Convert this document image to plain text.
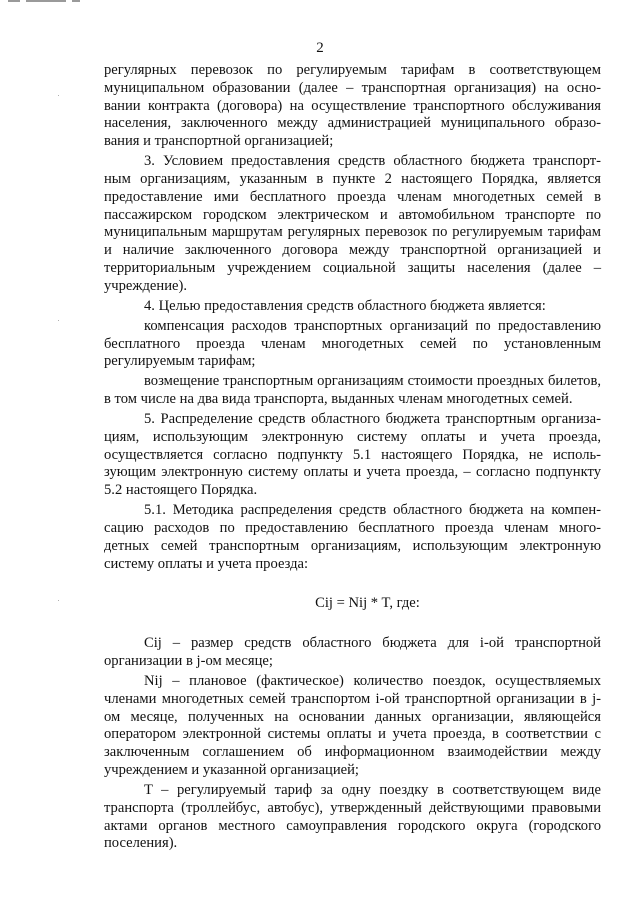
2

регулярных перевозок по регулируемым тарифам в соответствующем муниципальном образовании (далее – транспортная организация) на осно- вании контракта (договора) на осуществление транспортного обслуживания населения, заключенного между администрацией муниципального образо- вания и транспортной организацией;

3. Условием предоставления средств областного бюджета транспорт- ным организациям, указанным в пункте 2 настоящего Порядка, является предоставление ими бесплатного проезда членам многодетных семей в пассажирском городском электрическом и автомобильном транспорте по муниципальным маршрутам регулярных перевозок по регулируемым тарифам и наличие заключенного договора между транспортной организацией и территориальным учреждением социальной защиты населения (далее – учреждение).

4. Целью предоставления средств областного бюджета является:

компенсация расходов транспортных организаций по предоставлению бесплатного проезда членам многодетных семей по установленным регулируемым тарифам;

возмещение транспортным организациям стоимости проездных билетов, в том числе на два вида транспорта, выданных членам многодетных семей.

5. Распределение средств областного бюджета транспортным организа- циям, использующим электронную систему оплаты и учета проезда, осуществляется согласно подпункту 5.1 настоящего Порядка, не исполь- зующим электронную систему оплаты и учета проезда, – согласно подпункту 5.2 настоящего Порядка.

5.1. Методика распределения средств областного бюджета на компен- сацию расходов по предоставлению бесплатного проезда членам много- детных семей транспортным организациям, использующим электронную систему оплаты и учета проезда:

Cij = Nij * T, где:

Cij – размер средств областного бюджета для i-ой транспортной организации в j-ом месяце;

Nij – плановое (фактическое) количество поездок, осуществляемых членами многодетных семей транспортом i-ой транспортной организации в j-ом месяце, полученных на основании данных организации, являющейся оператором электронной системы оплаты и учета проезда, в соответствии с заключенным соглашением об информационном взаимодействии между учреждением и указанной организацией;

T – регулируемый тариф за одну поездку в соответствующем виде транспорта (троллейбус, автобус), утвержденный действующими правовыми актами органов местного самоуправления городского округа (городского поселения).
